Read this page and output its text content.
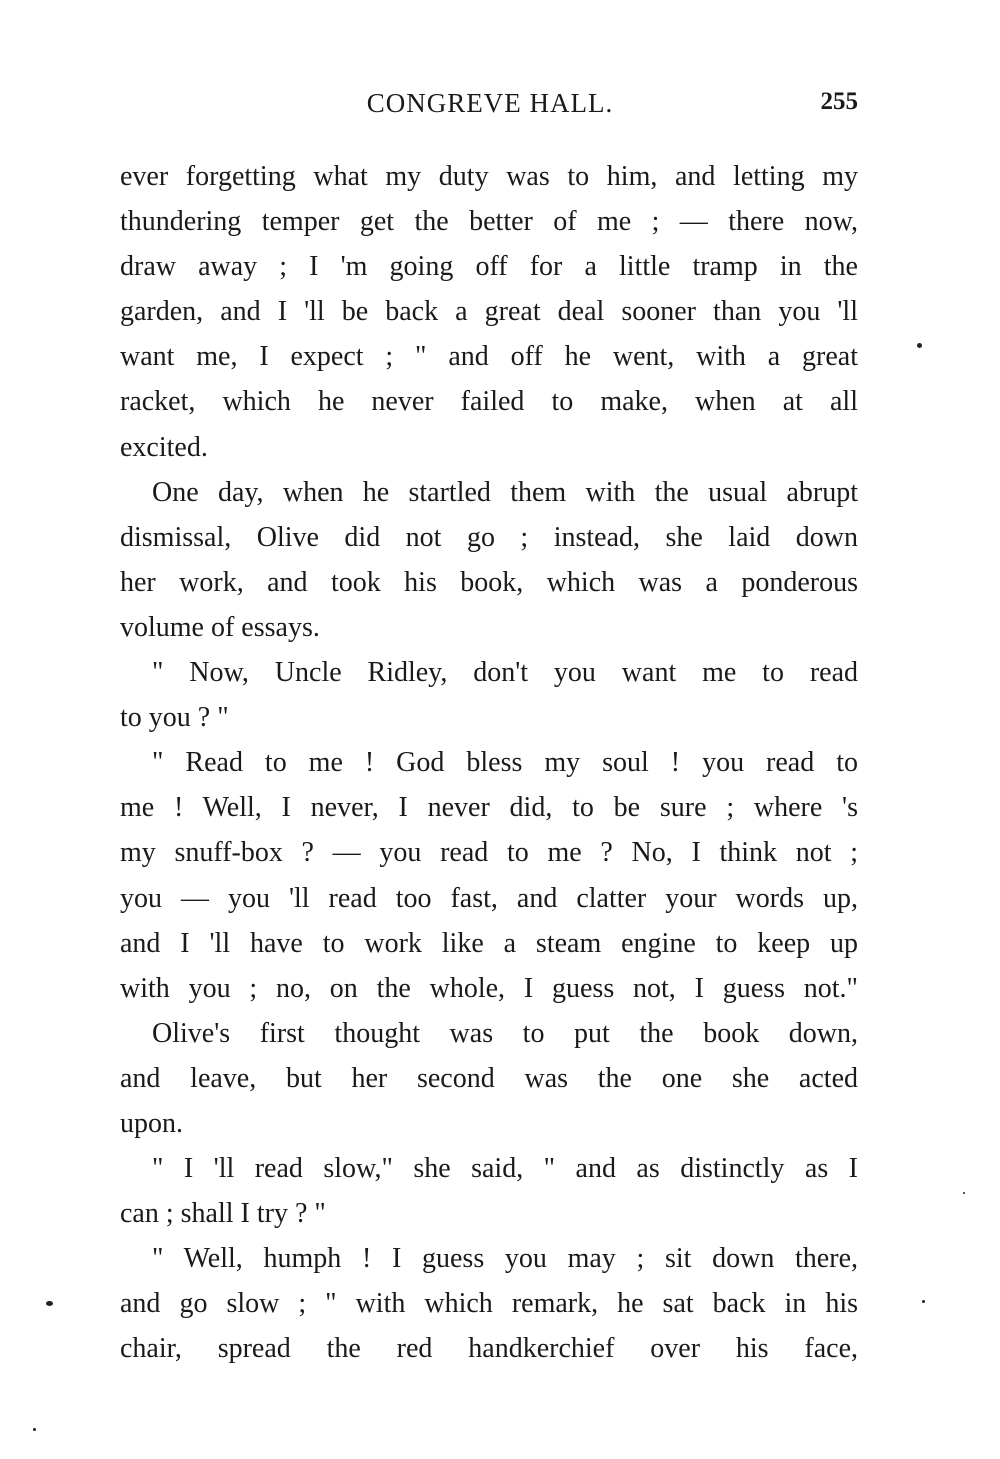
CONGREVE HALL.	255
ever forgetting what my duty was to him, and letting my
thundering temper get the better of me ; — there now,
draw away ; I 'm going off for a little tramp in the
garden, and I 'll be back a great deal sooner than you 'll
want me, I expect ; " and off he went, with a great
racket, which he never failed to make, when at all
excited.
One day, when he startled them with the usual abrupt
dismissal, Olive did not go ; instead, she laid down
her work, and took his book, which was a ponderous
volume of essays.
" Now, Uncle Ridley, don't you want me to read
to you ? "
" Read to me ! God bless my soul ! you read to
me ! Well, I never, I never did, to be sure ; where 's
my snuff-box ? — you read to me ? No, I think not ;
you — you 'll read too fast, and clatter your words up,
and I 'll have to work like a steam engine to keep up
with you ; no, on the whole, I guess not, I guess not."
Olive's first thought was to put the book down,
and leave, but her second was the one she acted
upon.
" I 'll read slow," she said, " and as distinctly as I
can ; shall I try ? "
" Well, humph ! I guess you may ; sit down there,
and go slow ; " with which remark, he sat back in his
chair, spread the red handkerchief over his face,
